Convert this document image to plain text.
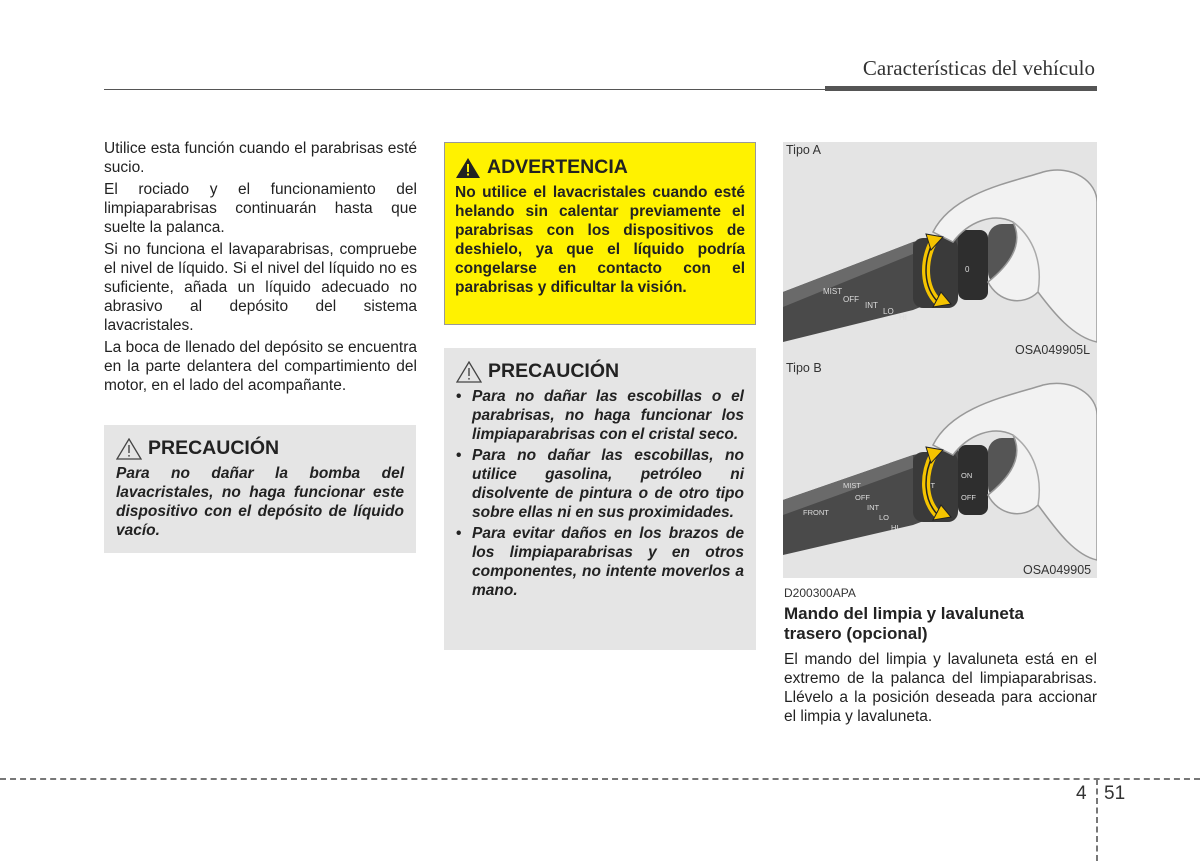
Características del vehículo

Utilice esta función cuando el parabrisas esté sucio.

El rociado y el funcionamiento del limpiaparabrisas continuarán hasta que suelte la palanca.

Si no funciona el lavaparabrisas, compruebe el nivel de líquido. Si el nivel del líquido no es suficiente, añada un líquido adecuado no abrasivo al depósito del sistema lavacristales.

La boca de llenado del depósito se encuentra en la parte delantera del compartimiento del motor, en el lado del acompañante.

PRECAUCIÓN
Para no dañar la bomba del lavacristales, no haga funcionar este dispositivo con el depósito de líquido vacío.
ADVERTENCIA
No utilice el lavacristales cuando esté helando sin calentar previamente el parabrisas con los dispositivos de deshielo, ya que el líquido podría congelarse en contacto con el parabrisas y dificultar la visión.
PRECAUCIÓN
• Para no dañar las escobillas o el parabrisas, no haga funcionar los limpiaparabrisas con el cristal seco.
• Para no dañar las escobillas, no utilice gasolina, petróleo ni disolvente de pintura o de otro tipo sobre ellas ni en sus proximidades.
• Para evitar daños en los brazos de los limpiaparabrisas y en otros componentes, no intente moverlos a mano.
Tipo A
MIST
OFF
INT
LO
HI
1
2
0
OSA049905L
Tipo B
MIST
OFF
INT
LO
HI
FRONT
ON
OFF
INT
OSA049905
D200300APA
Mando del limpia y lavaluneta trasero (opcional)

El mando del limpia y lavaluneta está en el extremo de la palanca del limpiaparabrisas. Llévelo a la posición deseada para accionar el limpia y lavaluneta.

4 51
